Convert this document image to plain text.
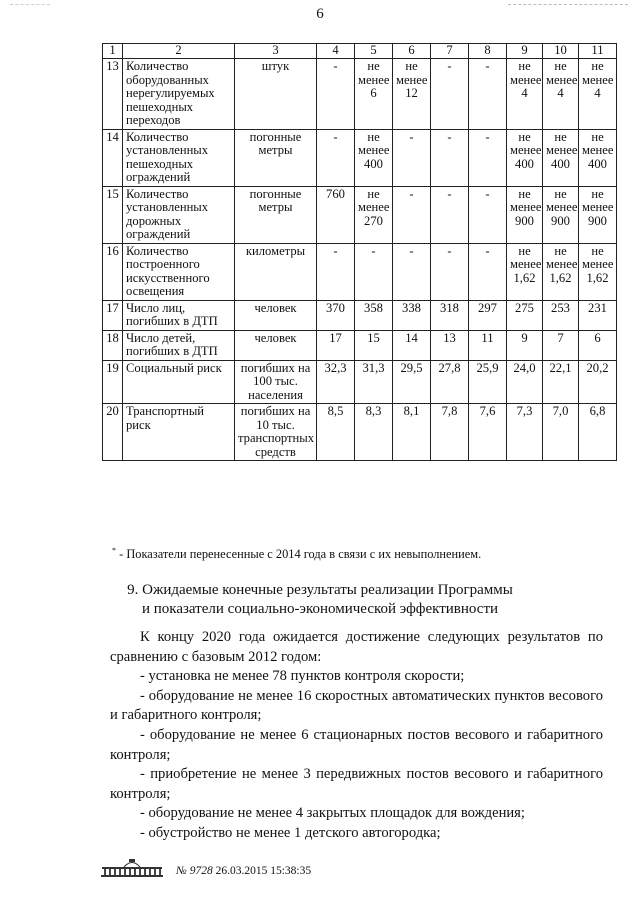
6
1	2	3	4	5	6	7	8	9	10	11
13	Количество оборудованных нерегулируемых пешеходных переходов	штук	-	не менее 6	не менее 12	-	-	не менее 4	не менее 4	не менее 4
14	Количество установленных пешеходных ограждений	погонные метры	-	не менее 400	-	-	-	не менее 400	не менее 400	не менее 400
15	Количество установленных дорожных ограждений	погонные метры	760	не менее 270	-	-	-	не менее 900	не менее 900	не менее 900
16	Количество построенного искусственного освещения	километры	-	-	-	-	-	не менее 1,62	не менее 1,62	не менее 1,62
17	Число лиц, погибших в ДТП	человек	370	358	338	318	297	275	253	231
18	Число детей, погибших в ДТП	человек	17	15	14	13	11	9	7	6
19	Социальный риск	погибших на 100 тыс. населения	32,3	31,3	29,5	27,8	25,9	24,0	22,1	20,2
20	Транспортный риск	погибших на 10 тыс. транспортных средств	8,5	8,3	8,1	7,8	7,6	7,3	7,0	6,8
* - Показатели перенесенные с 2014 года в связи с их невыполнением.
9. Ожидаемые конечные результаты реализации Программы
и показатели социально-экономической эффективности

К концу 2020 года ожидается достижение следующих результатов по сравнению с базовым 2012 годом:

- установка не менее 78 пунктов контроля скорости;

- оборудование не менее 16 скоростных автоматических пунктов весового и габаритного контроля;

- оборудование не менее 6 стационарных постов весового и габаритного контроля;

- приобретение не менее 3 передвижных постов весового и габаритного контроля;

- оборудование не менее 4 закрытых площадок для вождения;

- обустройство не менее 1 детского автогородка;

№ 9728 26.03.2015 15:38:35
